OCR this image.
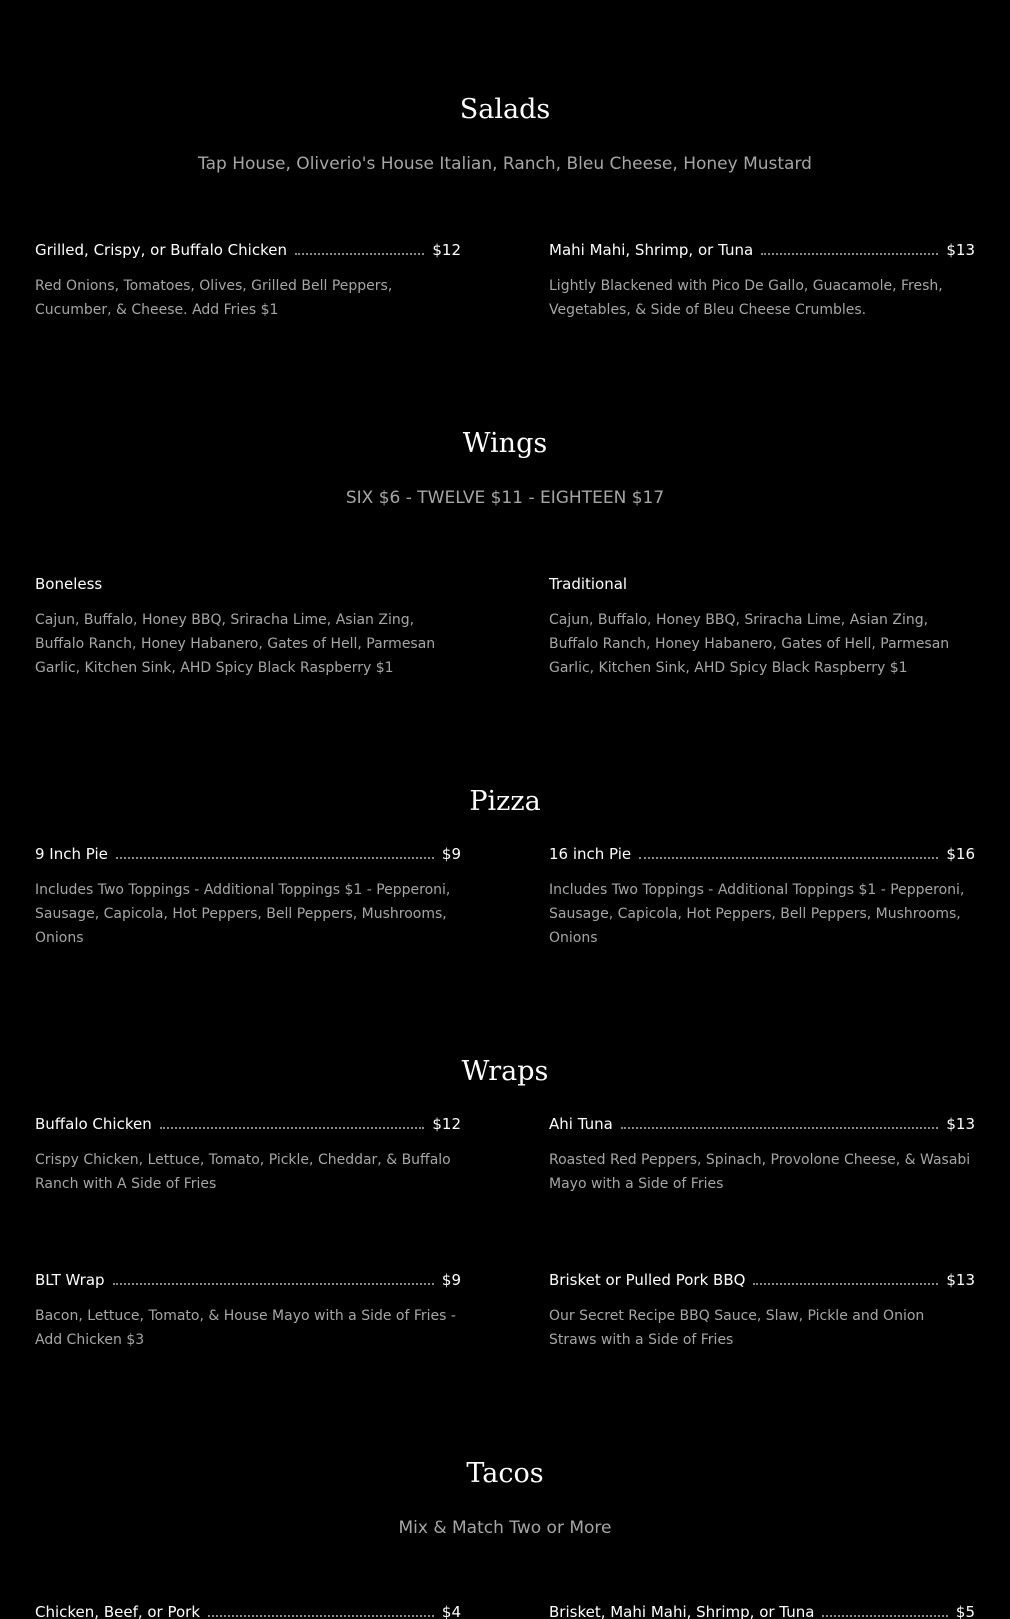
Salads

Tap House, Oliverio's House Italian, Ranch, Bleu Cheese, Honey Mustard

Grilled, Crispy, or Buffalo Chicken	$12
Red Onions, Tomatoes, Olives, Grilled Bell Peppers, Cucumber, & Cheese. Add Fries $1
Mahi Mahi, Shrimp, or Tuna	$13
Lightly Blackened with Pico De Gallo, Guacamole, Fresh, Vegetables, & Side of Bleu Cheese Crumbles.
Wings

SIX $6 - TWELVE $11 - EIGHTEEN $17

Boneless
Cajun, Buffalo, Honey BBQ, Sriracha Lime, Asian Zing, Buffalo Ranch, Honey Habanero, Gates of Hell, Parmesan Garlic, Kitchen Sink, AHD Spicy Black Raspberry $1
Traditional
Cajun, Buffalo, Honey BBQ, Sriracha Lime, Asian Zing, Buffalo Ranch, Honey Habanero, Gates of Hell, Parmesan Garlic, Kitchen Sink, AHD Spicy Black Raspberry $1
Pizza
9 Inch Pie	$9
Includes Two Toppings - Additional Toppings $1 - Pepperoni, Sausage, Capicola, Hot Peppers, Bell Peppers, Mushrooms, Onions
16 inch Pie	$16
Includes Two Toppings - Additional Toppings $1 - Pepperoni, Sausage, Capicola, Hot Peppers, Bell Peppers, Mushrooms, Onions
Wraps
Buffalo Chicken	$12
Crispy Chicken, Lettuce, Tomato, Pickle, Cheddar, & Buffalo Ranch with A Side of Fries
Ahi Tuna	$13
Roasted Red Peppers, Spinach, Provolone Cheese, & Wasabi Mayo with a Side of Fries
BLT Wrap	$9
Bacon, Lettuce, Tomato, & House Mayo with a Side of Fries - Add Chicken $3
Brisket or Pulled Pork BBQ	$13
Our Secret Recipe BBQ Sauce, Slaw, Pickle and Onion Straws with a Side of Fries
Tacos

Mix & Match Two or More

Chicken, Beef, or Pork	$4	Brisket, Mahi Mahi, Shrimp, or Tuna	$5
